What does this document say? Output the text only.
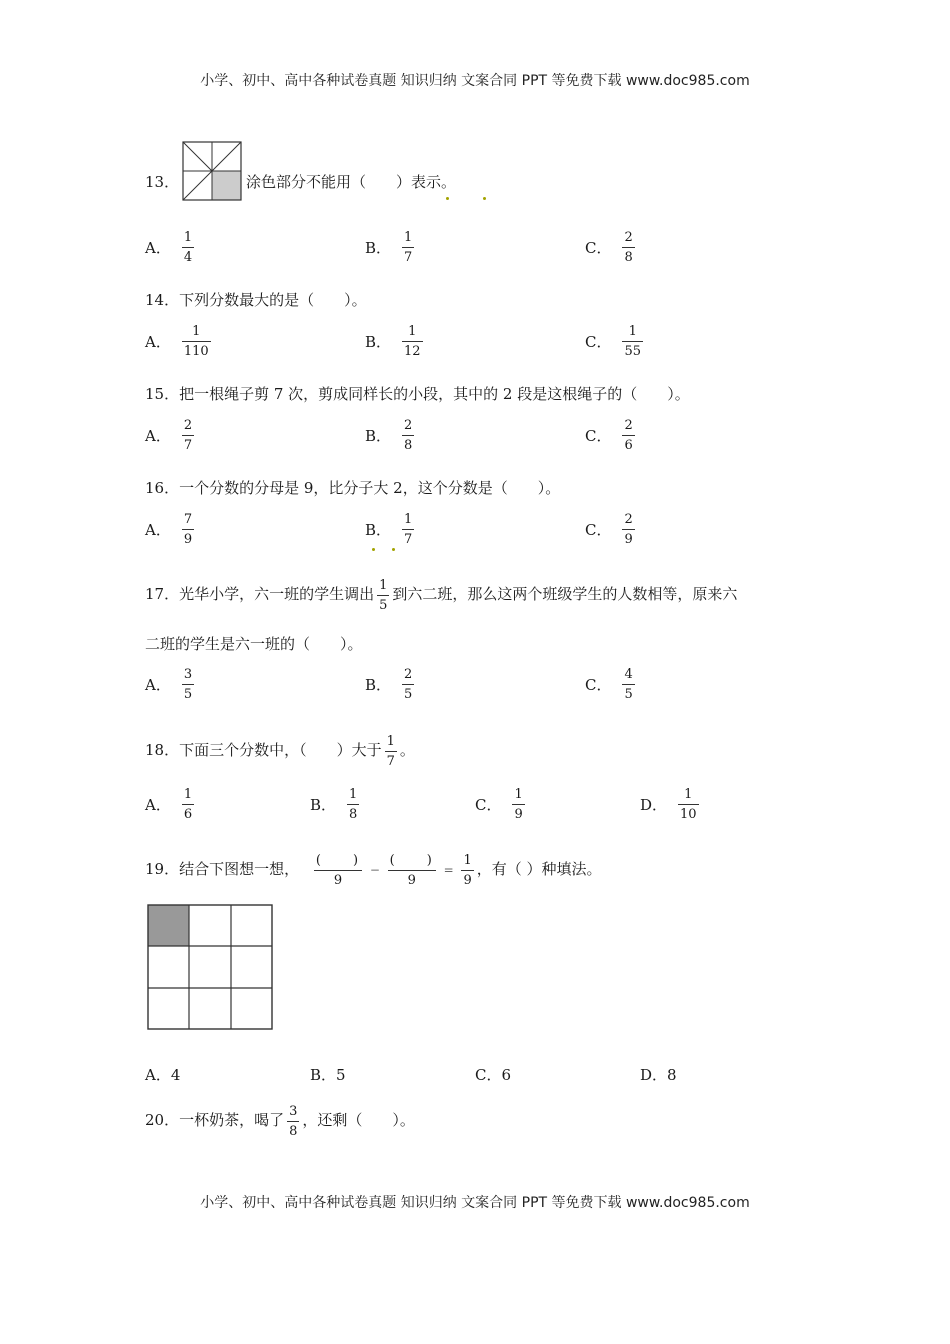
小学、初中、高中各种试卷真题 知识归纳 文案合同 PPT 等免费下载 www.doc985.com
13．	涂色部分不能用（　　）表示。
A． $\frac{1}{4}$	B． $\frac{1}{7}$	C． $\frac{2}{8}$
14．下列分数最大的是（　　）。
A． $\frac{1}{110}$	B． $\frac{1}{12}$	C． $\frac{1}{55}$
15．把一根绳子剪 7 次，剪成同样长的小段，其中的 2 段是这根绳子的（　　）。
A． $\frac{2}{7}$	B． $\frac{2}{8}$	C． $\frac{2}{6}$
16．一个分数的分母是 9，比分子大 2，这个分数是（　　）。
A． $\frac{7}{9}$	B． $\frac{1}{7}$	C． $\frac{2}{9}$
17．光华小学，六一班的学生调出 $\frac{1}{5}$ 到六二班，那么这两个班级学生的人数相等，原来六
二班的学生是六一班的（　　）。
A． $\frac{3}{5}$	B． $\frac{2}{5}$	C． $\frac{4}{5}$
18．下面三个分数中，（　　）大于 $\frac{1}{7}$ 。
A． $\frac{1}{6}$	B． $\frac{1}{8}$	C． $\frac{1}{9}$	D． $\frac{1}{10}$
19．结合下图想一想， $\frac{( )}{9} - \frac{( )}{9} = \frac{1}{9}$ ，有（ ）种填法。
A．4	B．5	C．6	D．8
20．一杯奶茶，喝了 $\frac{3}{8}$ ，还剩（　　）。
小学、初中、高中各种试卷真题 知识归纳 文案合同 PPT 等免费下载 www.doc985.com
